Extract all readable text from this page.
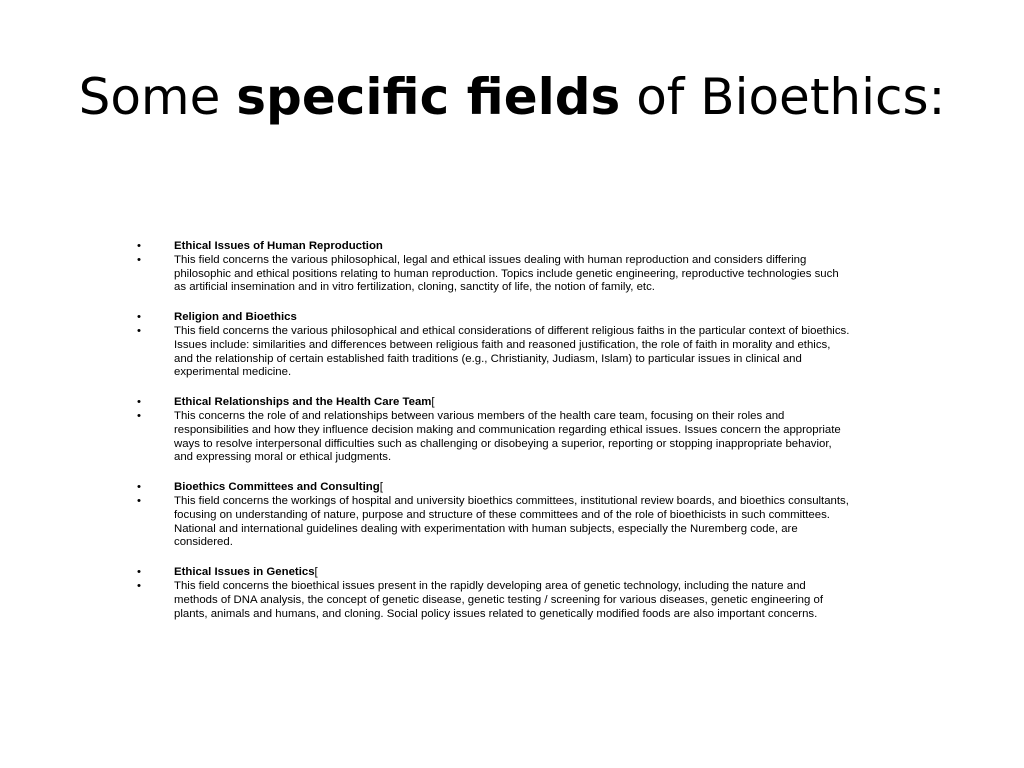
Some specific fields of Bioethics:
•	Ethical Issues of Human Reproduction
•	This field concerns the various philosophical, legal and ethical issues dealing with human reproduction and considers differing philosophic and ethical positions relating to human reproduction. Topics include genetic engineering, reproductive technologies such as artificial insemination and in vitro fertilization, cloning, sanctity of life, the notion of family, etc.
•	Religion and Bioethics
•	This field concerns the various philosophical and ethical considerations of different religious faiths in the particular context of bioethics. Issues include: similarities and differences between religious faith and reasoned justification, the role of faith in morality and ethics, and the relationship of certain established faith traditions (e.g., Christianity, Judiasm, Islam) to particular issues in clinical and experimental medicine.
•	Ethical Relationships and the Health Care Team[
•	This concerns the role of and relationships between various members of the health care team, focusing on their roles and responsibilities and how they influence decision making and communication regarding ethical issues. Issues concern the appropriate ways to resolve interpersonal difficulties such as challenging or disobeying a superior, reporting or stopping inappropriate behavior, and expressing moral or ethical judgments.
•	Bioethics Committees and Consulting[
•	This field concerns the workings of hospital and university bioethics committees, institutional review boards, and bioethics consultants, focusing on understanding of nature, purpose and structure of these committees and of the role of bioethicists in such committees. National and international guidelines dealing with experimentation with human subjects, especially the Nuremberg code, are considered.
•	Ethical Issues in Genetics[
•	This field concerns the bioethical issues present in the rapidly developing area of genetic technology, including the nature and methods of DNA analysis, the concept of genetic disease, genetic testing / screening for various diseases, genetic engineering of plants, animals and humans, and cloning. Social policy issues related to genetically modified foods are also important concerns.
